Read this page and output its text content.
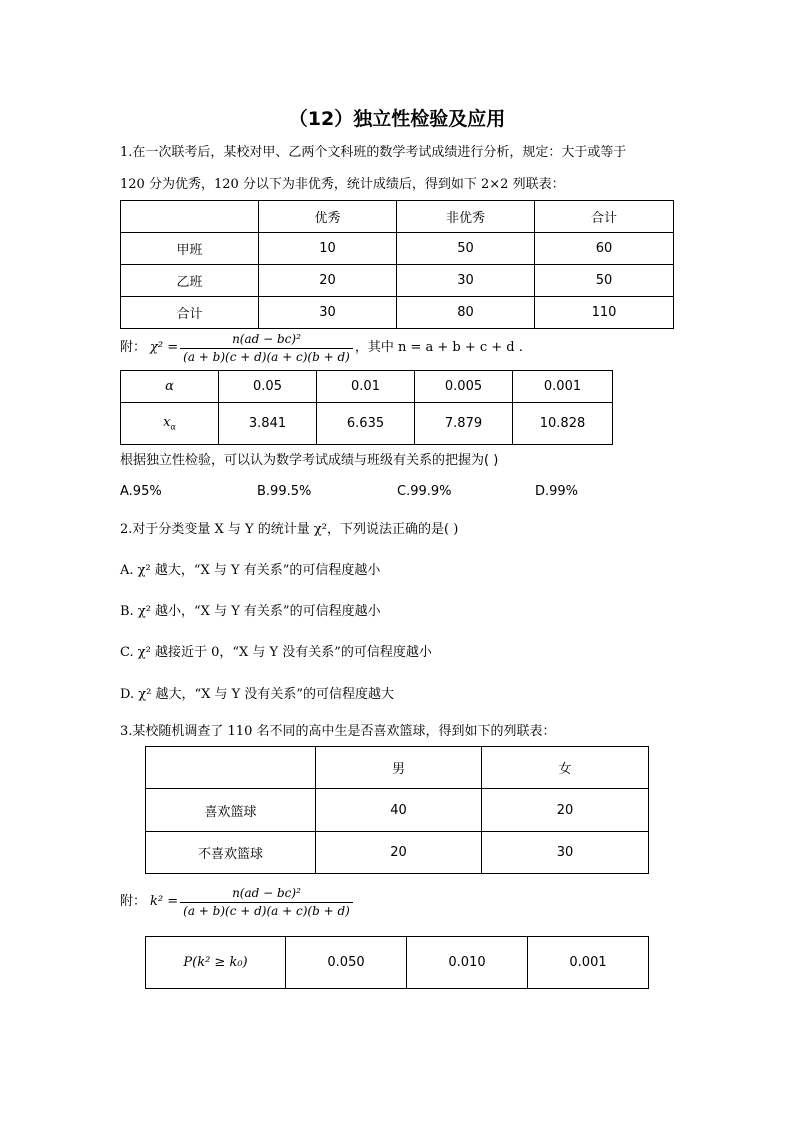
（12）独立性检验及应用
1.在一次联考后，某校对甲、乙两个文科班的数学考试成绩进行分析，规定：大于或等于
120 分为优秀，120 分以下为非优秀，统计成绩后，得到如下 2×2 列联表：
	优秀	非优秀	合计
甲班	10	50	60
乙班	20	30	50
合计	30	80	110
附： $\chi^2 = \frac{\text{n(ad − bc)²}}{(a + b)(c + d)(a + c)(b + d)}$ ，其中 n = a + b + c + d .
α	0.05	0.01	0.005	0.001
$x_\alpha$	3.841	6.635	7.879	10.828
根据独立性检验，可以认为数学考试成绩与班级有关系的把握为( )
A.95%	B.99.5%	C.99.9%	D.99%
2.对于分类变量 X 与 Y 的统计量 χ²，下列说法正确的是( )
A. χ² 越大，“X 与 Y 有关系”的可信程度越小
B. χ² 越小，“X 与 Y 有关系”的可信程度越小
C. χ² 越接近于 0，“X 与 Y 没有关系”的可信程度越小
D. χ² 越大，“X 与 Y 没有关系”的可信程度越大
3.某校随机调查了 110 名不同的高中生是否喜欢篮球，得到如下的列联表：
	男	女
喜欢篮球	40	20
不喜欢篮球	20	30
附： $k^2 = \frac{\text{n(ad − bc)²}}{(a + b)(c + d)(a + c)(b + d)}$
P(k² ≥ k₀)	0.050	0.010	0.001
